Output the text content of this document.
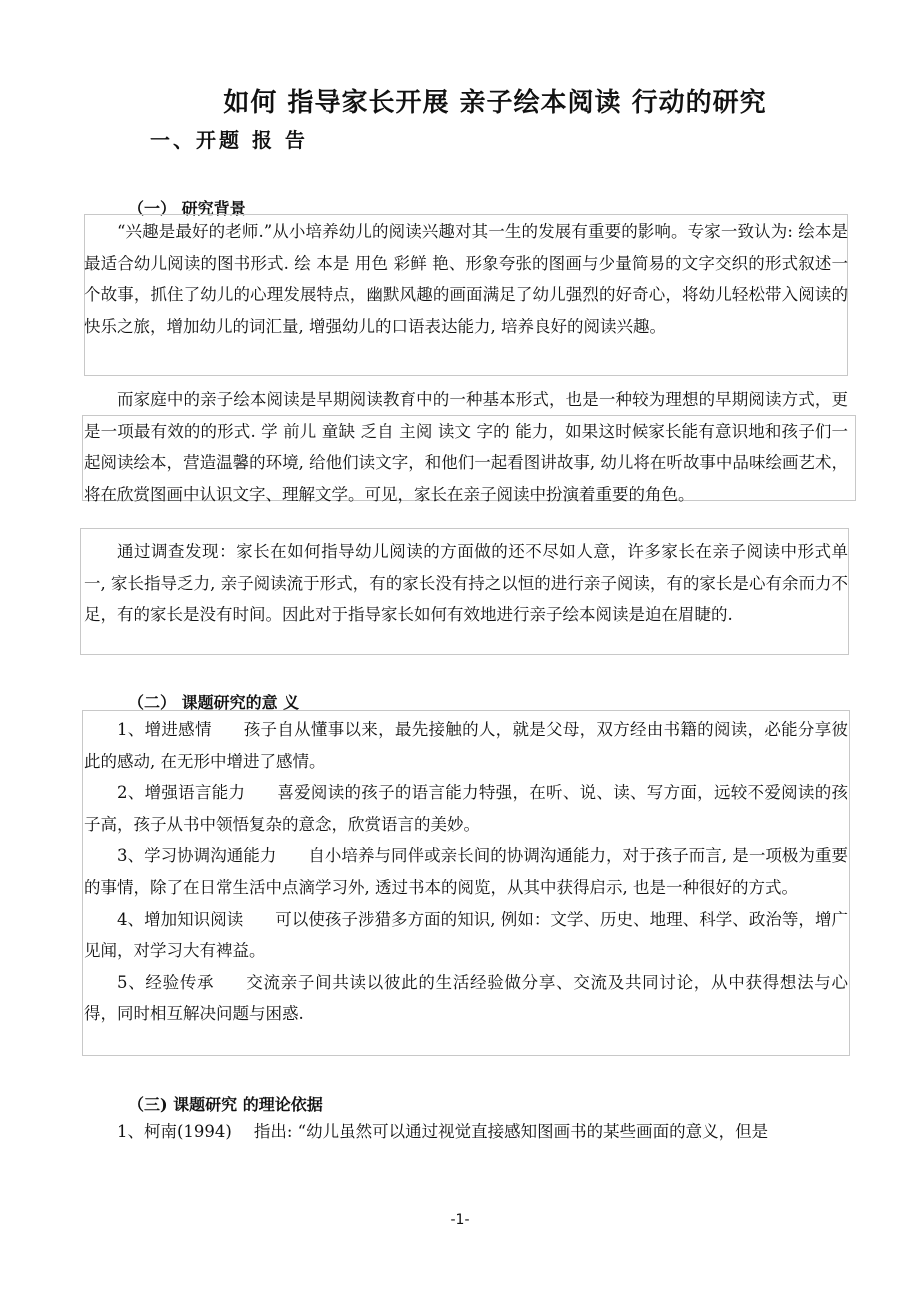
如何 指导家长开展 亲子绘本阅读 行动的研究
一、开题 报 告
（一） 研究背景

“兴趣是最好的老师.”从小培养幼儿的阅读兴趣对其一生的发展有重要的影响。专家一致认为: 绘本是最适合幼儿阅读的图书形式. 绘 本是 用色 彩鲜 艳、形象夸张的图画与少量简易的文字交织的形式叙述一个故事，抓住了幼儿的心理发展特点，幽默风趣的画面满足了幼儿强烈的好奇心，将幼儿轻松带入阅读的快乐之旅，增加幼儿的词汇量, 增强幼儿的口语表达能力, 培养良好的阅读兴趣。

而家庭中的亲子绘本阅读是早期阅读教育中的一种基本形式，也是一种较为理想的早期阅读方式，更是一项最有效的的形式. 学 前儿 童缺 乏自 主阅 读文 字的 能力，如果这时候家长能有意识地和孩子们一起阅读绘本，营造温馨的环境, 给他们读文字，和他们一起看图讲故事, 幼儿将在听故事中品味绘画艺术，将在欣赏图画中认识文字、理解文学。可见，家长在亲子阅读中扮演着重要的角色。

通过调查发现：家长在如何指导幼儿阅读的方面做的还不尽如人意，许多家长在亲子阅读中形式单一, 家长指导乏力, 亲子阅读流于形式，有的家长没有持之以恒的进行亲子阅读，有的家长是心有余而力不足，有的家长是没有时间。因此对于指导家长如何有效地进行亲子绘本阅读是迫在眉睫的.

（二） 课题研究的意 义

1、增进感情 孩子自从懂事以来，最先接触的人，就是父母，双方经由书籍的阅读，必能分享彼此的感动, 在无形中增进了感情。

2、增强语言能力 喜爱阅读的孩子的语言能力特强，在听、说、读、写方面，远较不爱阅读的孩子高，孩子从书中领悟复杂的意念，欣赏语言的美妙。

3、学习协调沟通能力 自小培养与同伴或亲长间的协调沟通能力，对于孩子而言, 是一项极为重要的事情，除了在日常生活中点滴学习外, 透过书本的阅览，从其中获得启示, 也是一种很好的方式。

4、增加知识阅读 可以使孩子涉猎多方面的知识, 例如：文学、历史、地理、科学、政治等，增广见闻，对学习大有裨益。

5、经验传承 交流亲子间共读以彼此的生活经验做分享、交流及共同讨论，从中获得想法与心得，同时相互解决问题与困惑.

（三) 课题研究 的理论依据

1、柯南(1994) 指出: “幼儿虽然可以通过视觉直接感知图画书的某些画面的意义，但是

-1-
